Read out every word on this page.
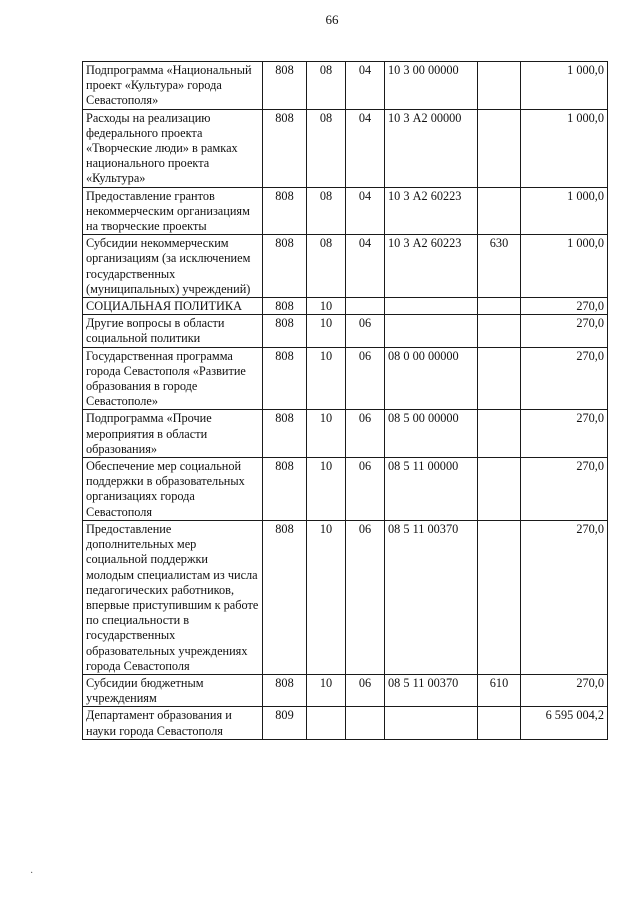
66
Подпрограмма «Национальный проект «Культура» города Севастополя»	808	08	04	10 3 00 00000		1 000,0
Расходы на реализацию федерального проекта «Творческие люди» в рамках национального проекта «Культура»	808	08	04	10 3 А2 00000		1 000,0
Предоставление грантов некоммерческим организациям на творческие проекты	808	08	04	10 3 А2 60223		1 000,0
Субсидии некоммерческим организациям (за исключением государственных (муниципальных) учреждений)	808	08	04	10 3 А2 60223	630	1 000,0
СОЦИАЛЬНАЯ ПОЛИТИКА	808	10				270,0
Другие вопросы в области социальной политики	808	10	06			270,0
Государственная программа города Севастополя «Развитие образования в городе Севастополе»	808	10	06	08 0 00 00000		270,0
Подпрограмма «Прочие мероприятия в области образования»	808	10	06	08 5 00 00000		270,0
Обеспечение мер социальной поддержки в образовательных организациях города Севастополя	808	10	06	08 5 11 00000		270,0
Предоставление дополнительных мер социальной поддержки молодым специалистам из числа педагогических работников, впервые приступившим к работе по специальности в государственных образовательных учреждениях города Севастополя	808	10	06	08 5 11 00370		270,0
Субсидии бюджетным учреждениям	808	10	06	08 5 11 00370	610	270,0
Департамент образования и науки города Севастополя	809					6 595 004,2
·
